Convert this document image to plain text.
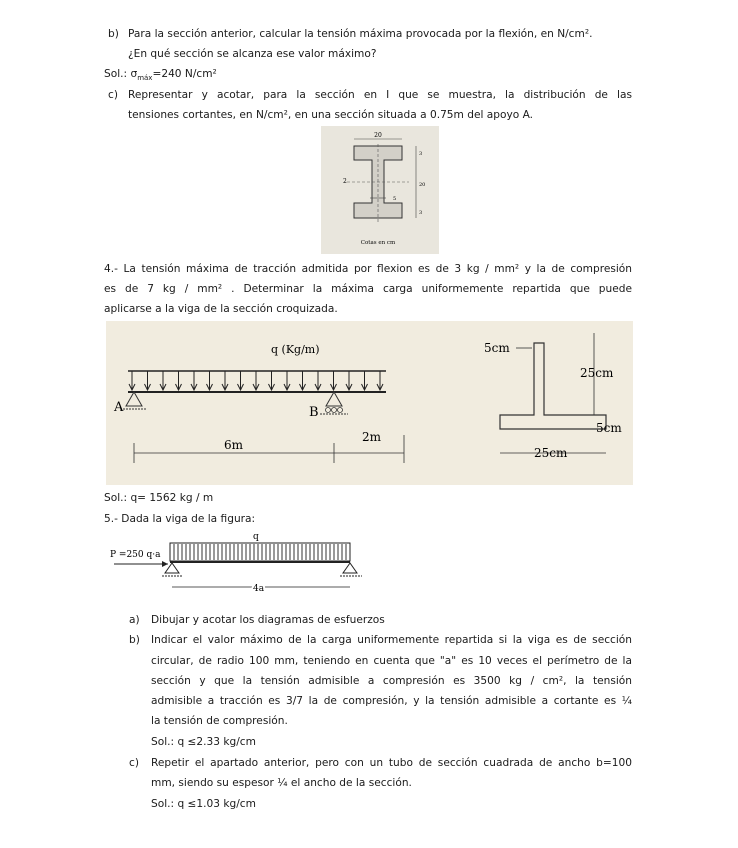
b) Para la sección anterior, calcular la tensión máxima provocada por la flexión, en N/cm².
¿En qué sección se alcanza ese valor máximo?
Sol.: $\sigma_{máx}=240$ N/cm²
c) Representar y acotar, para la sección en I que se muestra, la distribución de las
tensiones cortantes, en N/cm², en una sección situada a 0.75m del apoyo A.
20
2
3
20
3
5
Cotas en cm
4.- La tensión máxima de tracción admitida por flexion es de 3 kg / mm² y la de compresión
es de 7 kg / mm² . Determinar la máxima carga uniformemente repartida que puede
aplicarse a la viga de la sección croquizada.
q (Kg/m)
A	B
6m
2m
5cm
25cm
5cm
25cm
Sol.: q= 1562 kg / m
5.- Dada la viga de la figura:
q
P =250 q·a
4a
a) Dibujar y acotar los diagramas de esfuerzos
b) Indicar el valor máximo de la carga uniformemente repartida si la viga es de sección
circular, de radio 100 mm, teniendo en cuenta que "a" es 10 veces el perímetro de la
sección y que la tensión admisible a compresión es 3500 kg / cm², la tensión
admisible a tracción es 3/7 la de compresión, y la tensión admisible a cortante es ¼
la tensión de compresión.
Sol.: q ≤2.33 kg/cm
c) Repetir el apartado anterior, pero con un tubo de sección cuadrada de ancho b=100
mm, siendo su espesor ¼ el ancho de la sección.
Sol.: q ≤1.03 kg/cm
